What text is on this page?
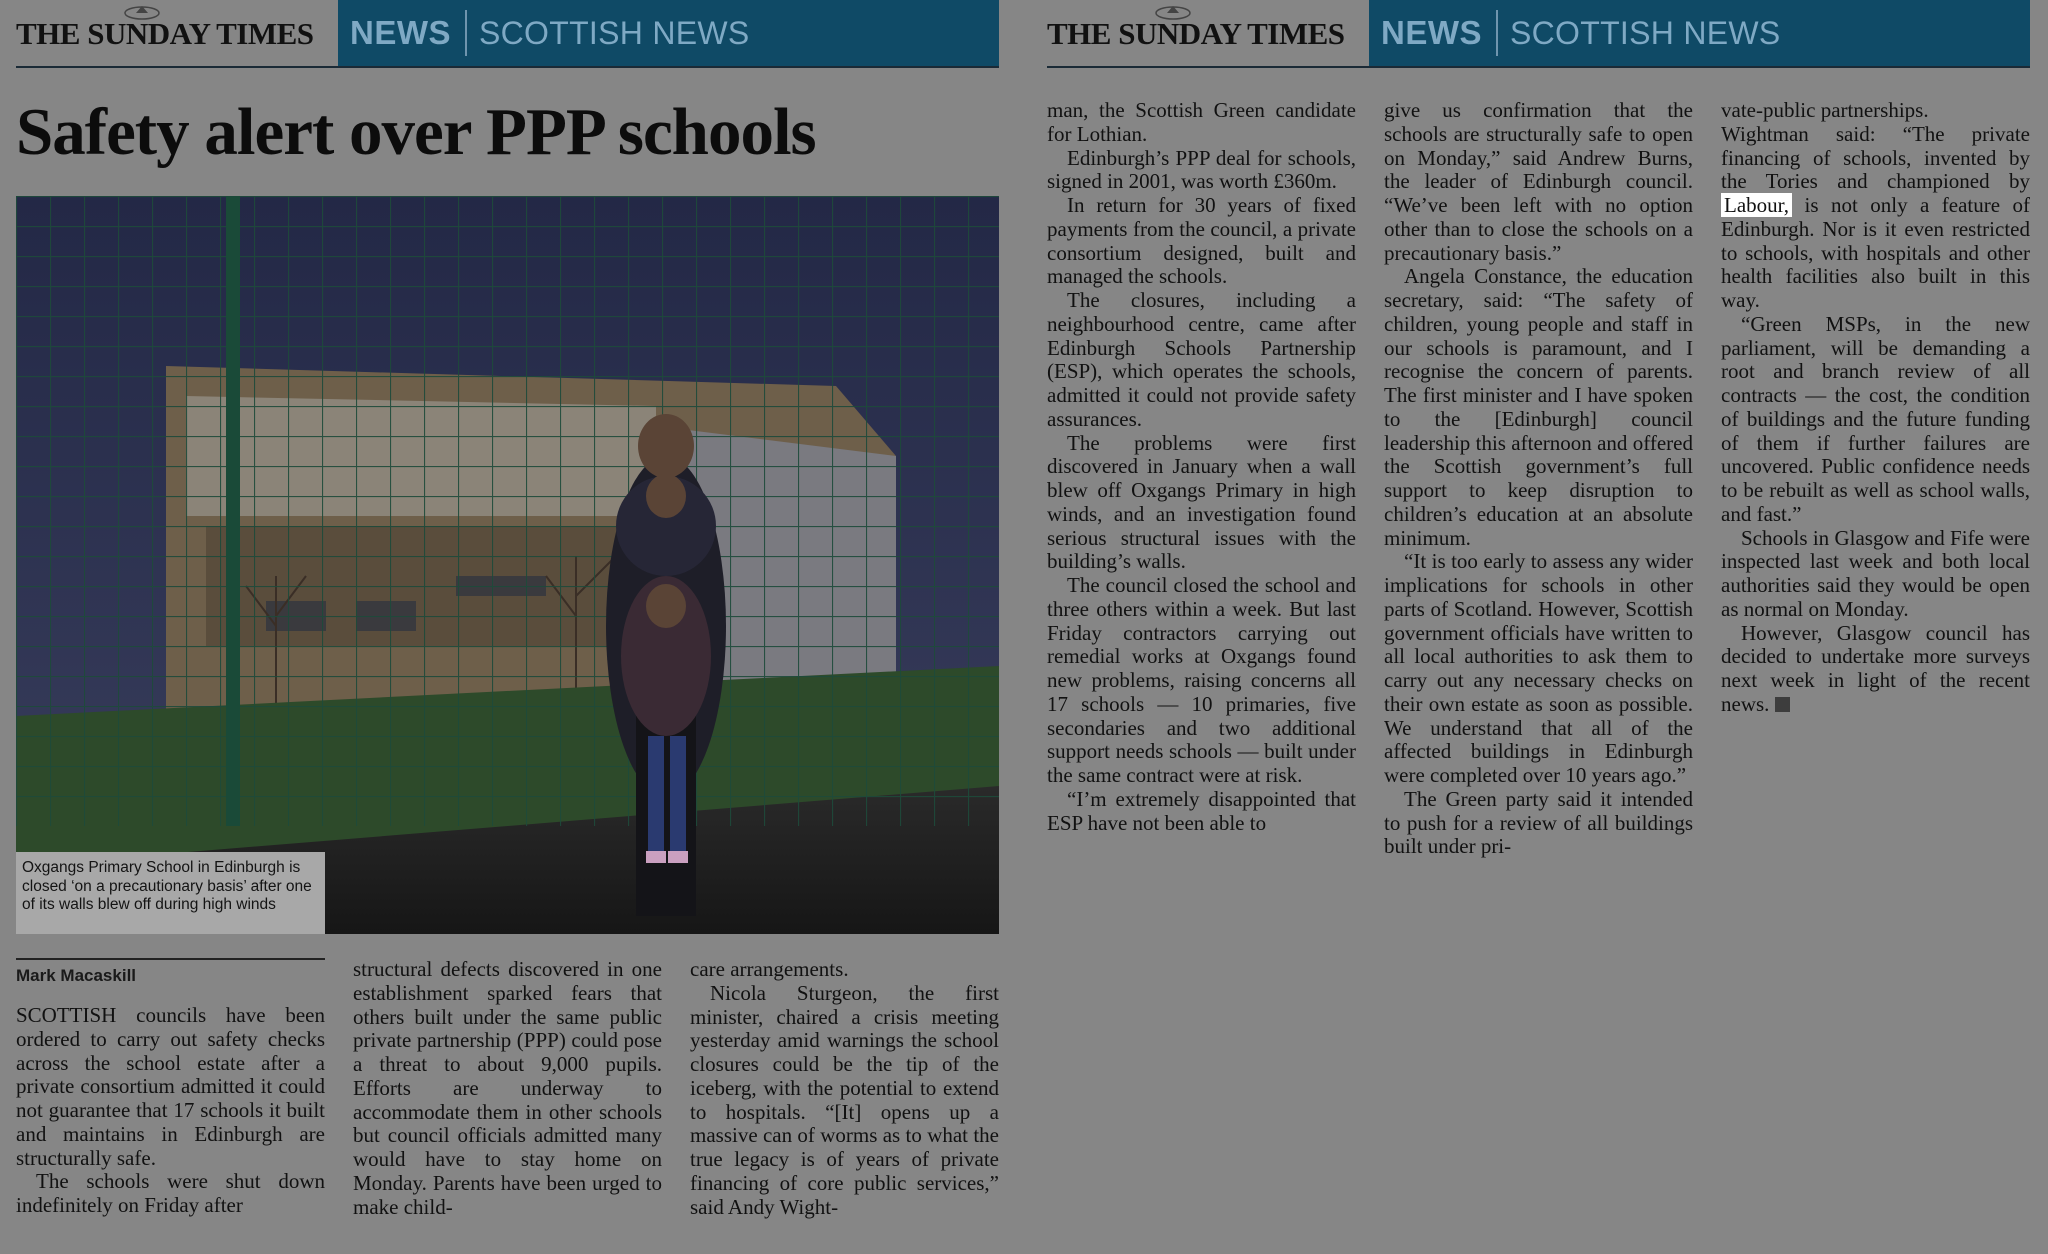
THE SUNDAY TIMES NEWS SCOTTISH NEWS
Safety alert over PPP schools
Oxgangs Primary School in Edinburgh is closed ‘on a precautionary basis’ after one of its walls blew off during high winds
Mark Macaskill

SCOTTISH councils have been ordered to carry out safety checks across the school estate after a private consortium admitted it could not guarantee that 17 schools it built and maintains in Edinburgh are structurally safe.

The schools were shut down indefinitely on Friday after

structural defects discovered in one establishment sparked fears that others built under the same public private partnership (PPP) could pose a threat to about 9,000 pupils. Efforts are underway to accommodate them in other schools but council officials admitted many would have to stay home on Monday. Parents have been urged to make child-

care arrangements.

Nicola Sturgeon, the first minister, chaired a crisis meeting yesterday amid warnings the school closures could be the tip of the iceberg, with the potential to extend to hospitals. “[It] opens up a massive can of worms as to what the true legacy is of years of private financing of core public services,” said Andy Wight-

THE SUNDAY TIMES NEWS SCOTTISH NEWS

man, the Scottish Green candidate for Lothian.

Edinburgh’s PPP deal for schools, signed in 2001, was worth £360m.

In return for 30 years of fixed payments from the council, a private consortium designed, built and managed the schools.

The closures, including a neighbourhood centre, came after Edinburgh Schools Partnership (ESP), which operates the schools, admitted it could not provide safety assurances.

The problems were first discovered in January when a wall blew off Oxgangs Primary in high winds, and an investigation found serious structural issues with the building’s walls.

The council closed the school and three others within a week. But last Friday contractors carrying out remedial works at Oxgangs found new problems, raising concerns all 17 schools — 10 primaries, five secondaries and two additional support needs schools — built under the same contract were at risk.

“I’m extremely disappointed that ESP have not been able to

give us confirmation that the schools are structurally safe to open on Monday,” said Andrew Burns, the leader of Edinburgh council. “We’ve been left with no option other than to close the schools on a precautionary basis.”

Angela Constance, the education secretary, said: “The safety of children, young people and staff in our schools is paramount, and I recognise the concern of parents. The first minister and I have spoken to the [Edinburgh] council leadership this afternoon and offered the Scottish government’s full support to keep disruption to children’s education at an absolute minimum.

“It is too early to assess any wider implications for schools in other parts of Scotland. However, Scottish government officials have written to all local authorities to ask them to carry out any necessary checks on their own estate as soon as possible. We understand that all of the affected buildings in Edinburgh were completed over 10 years ago.”

The Green party said it intended to push for a review of all buildings built under pri-

vate-public partnerships.

Wightman said: “The private financing of schools, invented by the Tories and championed by Labour, is not only a feature of Edinburgh. Nor is it even restricted to schools, with hospitals and other health facilities also built in this way.

“Green MSPs, in the new parliament, will be demanding a root and branch review of all contracts — the cost, the condition of buildings and the future funding of them if further failures are uncovered. Public confidence needs to be rebuilt as well as school walls, and fast.”

Schools in Glasgow and Fife were inspected last week and both local authorities said they would be open as normal on Monday.

However, Glasgow council has decided to undertake more surveys next week in light of the recent news.
